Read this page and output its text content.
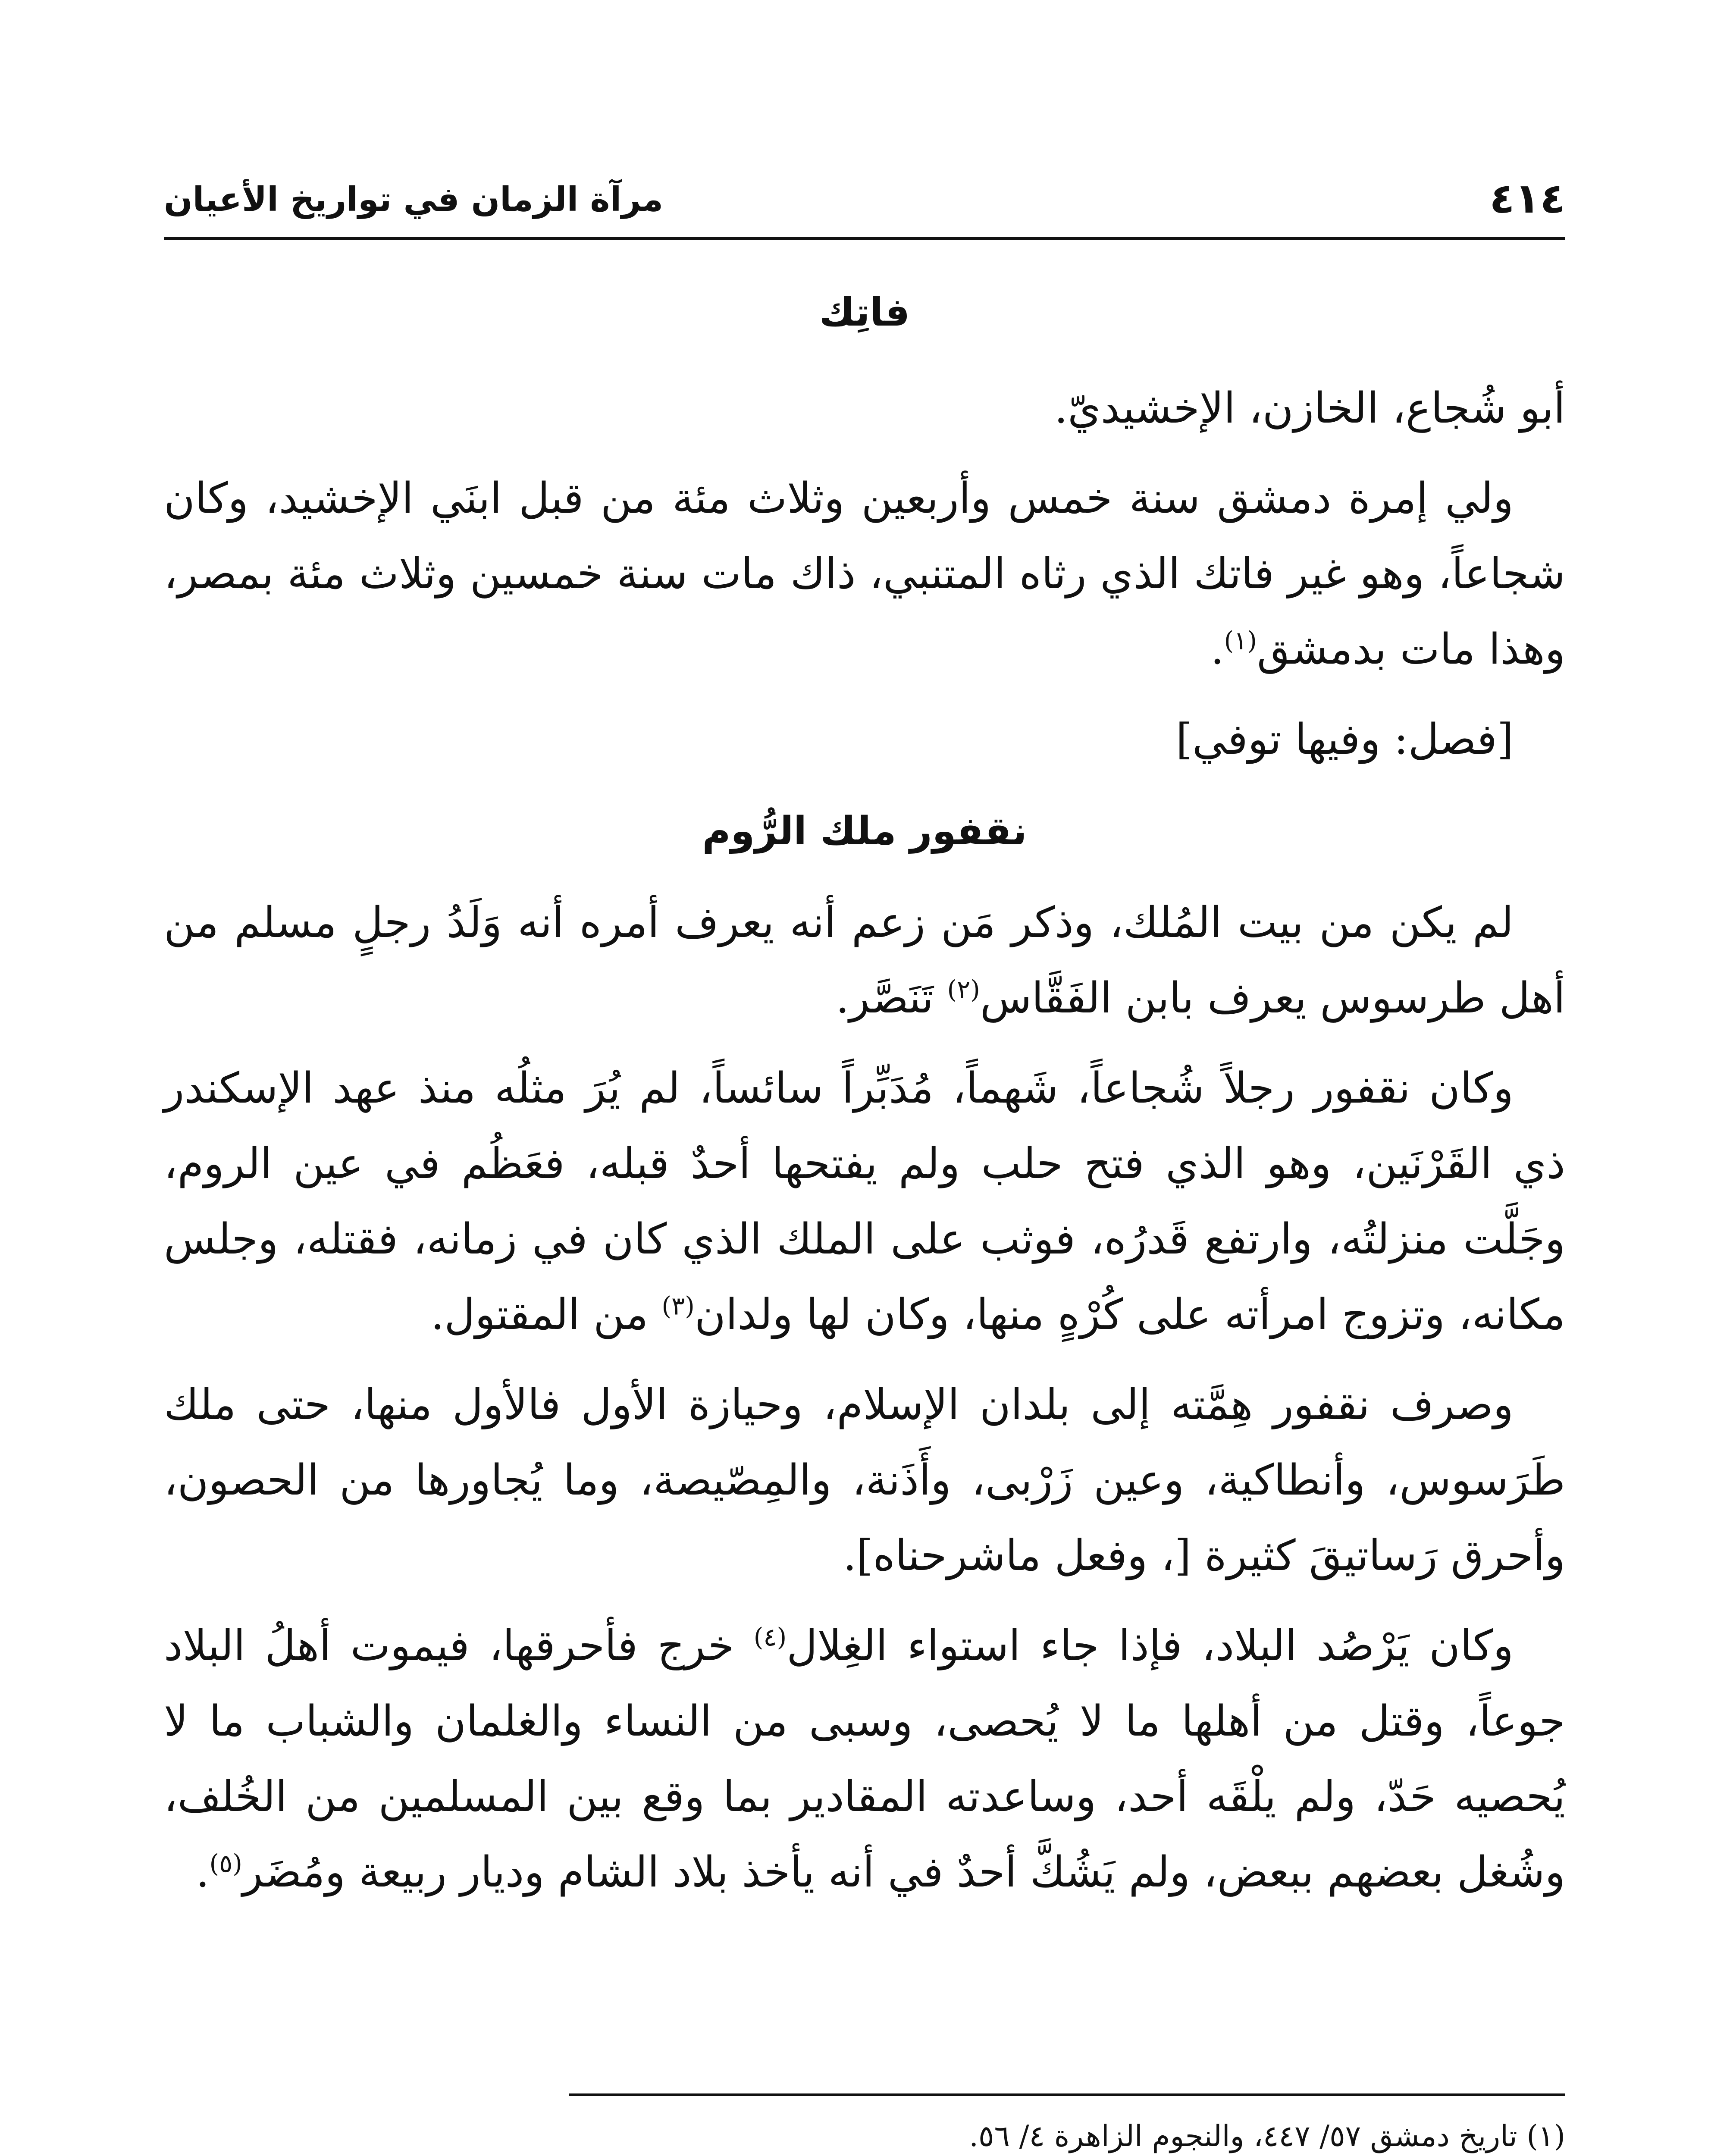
٤١٤
مرآة الزمان في تواريخ الأعيان
فاتِك

أبو شُجاع، الخازن، الإخشيديّ.

ولي إمرة دمشق سنة خمس وأربعين وثلاث مئة من قبل ابنَي الإخشيد، وكان شجاعاً، وهو غير فاتك الذي رثاه المتنبي، ذاك مات سنة خمسين وثلاث مئة بمصر، وهذا مات بدمشق$^{(١)}$.

[فصل: وفيها توفي]

نقفور ملك الرُّوم

لم يكن من بيت المُلك، وذكر مَن زعم أنه يعرف أمره أنه وَلَدُ رجلٍ مسلم من أهل طرسوس يعرف بابن الفَقَّاس$^{(٢)}$ تَنَصَّر.

وكان نقفور رجلاً شُجاعاً، شَهماً، مُدَبِّراً سائساً، لم يُرَ مثلُه منذ عهد الإسكندر ذي القَرْنَين، وهو الذي فتح حلب ولم يفتحها أحدٌ قبله، فعَظُم في عين الروم، وجَلَّت منزلتُه، وارتفع قَدرُه، فوثب على الملك الذي كان في زمانه، فقتله، وجلس مكانه، وتزوج امرأته على كُرْهٍ منها، وكان لها ولدان$^{(٣)}$ من المقتول.

وصرف نقفور هِمَّته إلى بلدان الإسلام، وحيازة الأول فالأول منها، حتى ملك طَرَسوس، وأنطاكية، وعين زَرْبى، وأَذَنة، والمِصّيصة، وما يُجاورها من الحصون، وأحرق رَساتيقَ كثيرة [، وفعل ماشرحناه].

وكان يَرْصُد البلاد، فإذا جاء استواء الغِلال$^{(٤)}$ خرج فأحرقها، فيموت أهلُ البلاد جوعاً، وقتل من أهلها ما لا يُحصى، وسبى من النساء والغلمان والشباب ما لا يُحصيه حَدّ، ولم يلْقَه أحد، وساعدته المقادير بما وقع بين المسلمين من الخُلف، وشُغل بعضهم ببعض، ولم يَشُكَّ أحدٌ في أنه يأخذ بلاد الشام وديار ربيعة ومُضَر$^{(٥)}$.

(١) تاريخ دمشق ٥٧/ ٤٤٧، والنجوم الزاهرة ٤/ ٥٦.
